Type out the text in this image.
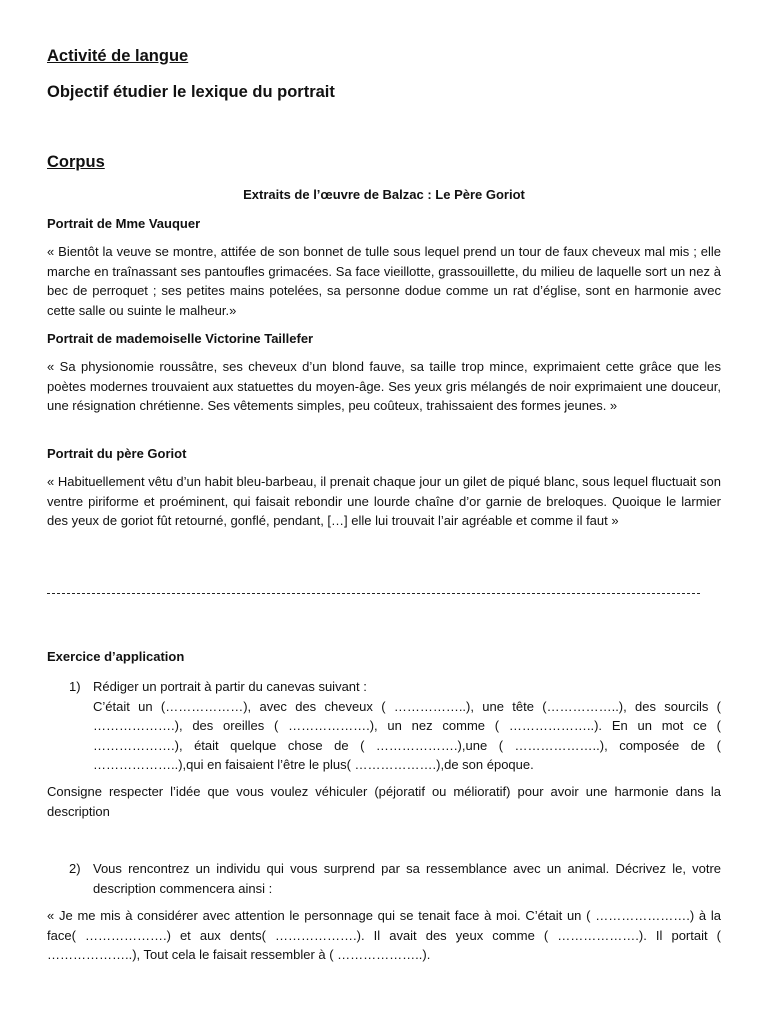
Activité de langue
Objectif étudier le lexique du portrait
Corpus
Extraits de l’œuvre de Balzac : Le Père Goriot
Portrait de Mme Vauquer
« Bientôt la veuve se montre, attifée de son bonnet de tulle sous lequel prend un tour de faux cheveux mal mis ; elle marche en traînassant ses pantoufles grimacées. Sa face vieillotte, grassouillette, du milieu de laquelle sort un nez à bec de perroquet ; ses petites mains potelées, sa personne dodue comme un rat d’église, sont en harmonie avec cette salle ou suinte le malheur.»
Portrait de mademoiselle Victorine Taillefer
« Sa physionomie roussâtre, ses cheveux d’un blond fauve, sa taille trop mince, exprimaient cette grâce que les poètes modernes trouvaient aux statuettes du moyen-âge. Ses yeux gris mélangés de noir exprimaient une douceur, une résignation chrétienne. Ses vêtements simples, peu coûteux, trahissaient des formes jeunes. »
Portrait du père Goriot
« Habituellement vêtu d’un habit bleu-barbeau, il prenait chaque jour un gilet de piqué blanc, sous lequel fluctuait son ventre piriforme et proéminent, qui faisait rebondir une lourde chaîne d’or garnie de breloques. Quoique le larmier des yeux de goriot fût retourné, gonflé, pendant, […] elle lui trouvait l’air agréable et comme il faut »
Exercice d’application
1) Rédiger un portrait à partir du canevas suivant :
C’était un (………………), avec des cheveux ( ……………..), une tête (……………..), des sourcils ( ……………….), des oreilles ( ……………….), un nez comme ( ………………..). En un mot ce ( ……………….), était quelque chose de ( ……………….),une ( ………………..), composée de ( ………………..),qui en faisaient l’être le plus( ……………….),de son époque.
Consigne respecter l’idée que vous voulez véhiculer (péjoratif ou mélioratif) pour avoir une harmonie dans la description
2) Vous rencontrez un individu qui vous surprend par sa ressemblance avec un animal. Décrivez le, votre description commencera ainsi :
« Je me mis à considérer avec attention le personnage qui se tenait face à moi. C’était un ( ………………….) à la face( ……………….) et aux dents( ……………….). Il avait des yeux comme ( ……………….). Il portait ( ………………..), Tout cela le faisait ressembler à ( ………………..).
